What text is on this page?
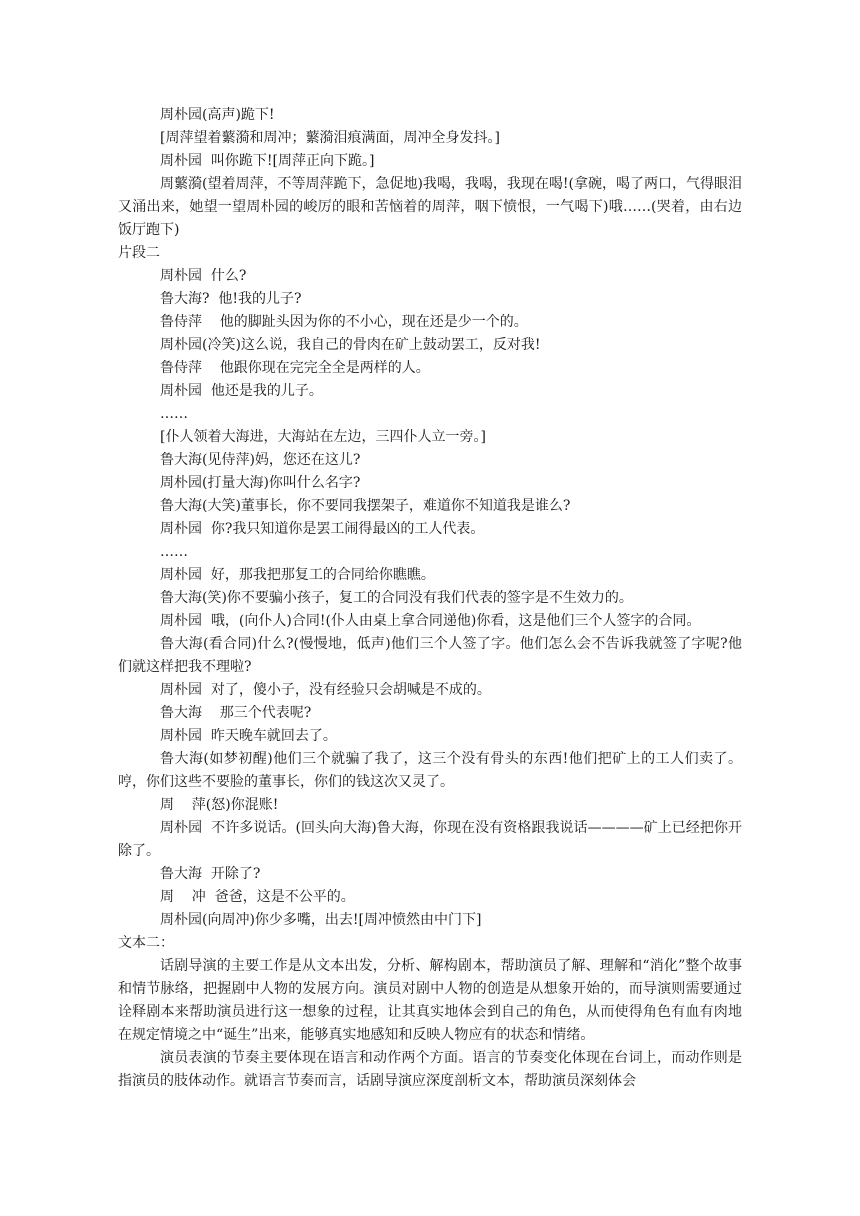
周朴园(高声)跪下!

[周萍望着蘩漪和周冲；蘩漪泪痕满面，周冲全身发抖。]

周朴园  叫你跪下![周萍正向下跪。]

周蘩漪(望着周萍，不等周萍跪下，急促地)我喝，我喝，我现在喝!(拿碗，喝了两口，气得眼泪又涌出来，她望一望周朴园的峻厉的眼和苦恼着的周萍，咽下愤恨，一气喝下)哦……(哭着，由右边饭厅跑下)

片段二

周朴园  什么?

鲁大海?  他!我的儿子?

鲁侍萍    他的脚趾头因为你的不小心，现在还是少一个的。

周朴园(冷笑)这么说，我自己的骨肉在矿上鼓动罢工，反对我!

鲁侍萍    他跟你现在完完全全是两样的人。

周朴园  他还是我的儿子。

……

[仆人领着大海进，大海站在左边，三四仆人立一旁。]

鲁大海(见侍萍)妈，您还在这儿?

周朴园(打量大海)你叫什么名字?

鲁大海(大笑)董事长，你不要同我摆架子，难道你不知道我是谁么?

周朴园  你?我只知道你是罢工闹得最凶的工人代表。

……

周朴园  好，那我把那复工的合同给你瞧瞧。

鲁大海(笑)你不要骗小孩子，复工的合同没有我们代表的签字是不生效力的。

周朴园  哦，(向仆人)合同!(仆人由桌上拿合同递他)你看，这是他们三个人签字的合同。

鲁大海(看合同)什么?(慢慢地，低声)他们三个人签了字。他们怎么会不告诉我就签了字呢?他们就这样把我不理啦?

周朴园  对了，傻小子，没有经验只会胡喊是不成的。

鲁大海    那三个代表呢?

周朴园  昨天晚车就回去了。

鲁大海(如梦初醒)他们三个就骗了我了，这三个没有骨头的东西!他们把矿上的工人们卖了。哼，你们这些不要脸的董事长，你们的钱这次又灵了。

周    萍(怒)你混账!

周朴园  不许多说话。(回头向大海)鲁大海，你现在没有资格跟我说话————矿上已经把你开除了。

鲁大海  开除了?

周    冲  爸爸，这是不公平的。

周朴园(向周冲)你少多嘴，出去![周冲愤然由中门下]

文本二：

话剧导演的主要工作是从文本出发，分析、解构剧本，帮助演员了解、理解和“消化”整个故事和情节脉络，把握剧中人物的发展方向。演员对剧中人物的创造是从想象开始的，而导演则需要通过诠释剧本来帮助演员进行这一想象的过程，让其真实地体会到自己的角色，从而使得角色有血有肉地在规定情境之中“诞生”出来，能够真实地感知和反映人物应有的状态和情绪。

演员表演的节奏主要体现在语言和动作两个方面。语言的节奏变化体现在台词上，而动作则是指演员的肢体动作。就语言节奏而言，话剧导演应深度剖析文本，帮助演员深刻体会
